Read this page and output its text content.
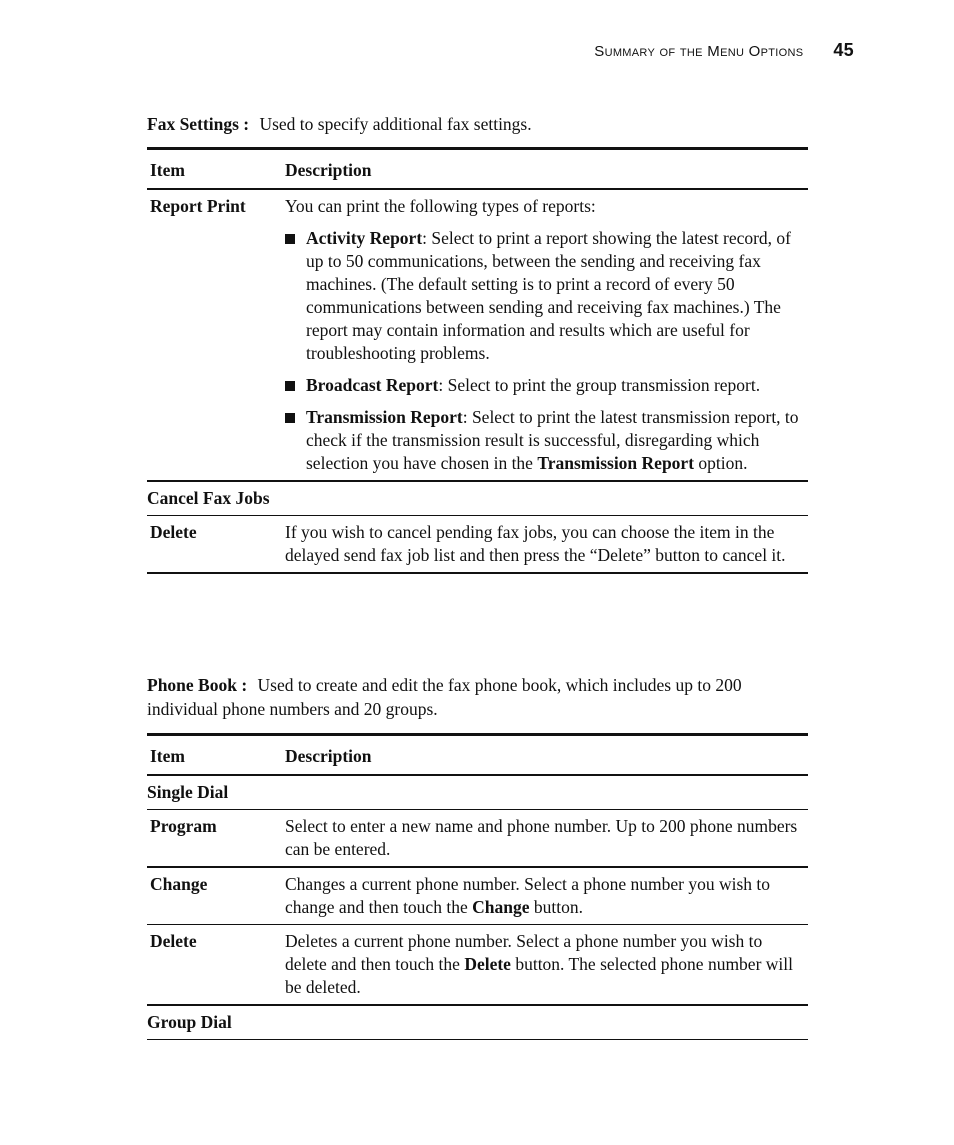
Summary of the Menu Options 45
Fax Settings : Used to specify additional fax settings.
Item	Description
Report Print	You can print the following types of reports:
Activity Report: Select to print a report showing the latest record, of up to 50 communications, between the sending and receiving fax machines. (The default setting is to print a record of every 50 communications between sending and receiving fax machines.) The report may contain information and results which are useful for troubleshooting problems.
Broadcast Report: Select to print the group transmission report.
Transmission Report: Select to print the latest transmission report, to check if the transmission result is successful, disregarding which selection you have chosen in the Transmission Report option.

Cancel Fax Jobs	
Delete	If you wish to cancel pending fax jobs, you can choose the item in the delayed send fax job list and then press the “Delete” button to cancel it.
Phone Book : Used to create and edit the fax phone book, which includes up to 200 individual phone numbers and 20 groups.
Item	Description
Single Dial	
Program	Select to enter a new name and phone number. Up to 200 phone numbers can be entered.
Change	Changes a current phone number. Select a phone number you wish to change and then touch the Change button.
Delete	Deletes a current phone number. Select a phone number you wish to delete and then touch the Delete button. The selected phone number will be deleted.
Group Dial	
